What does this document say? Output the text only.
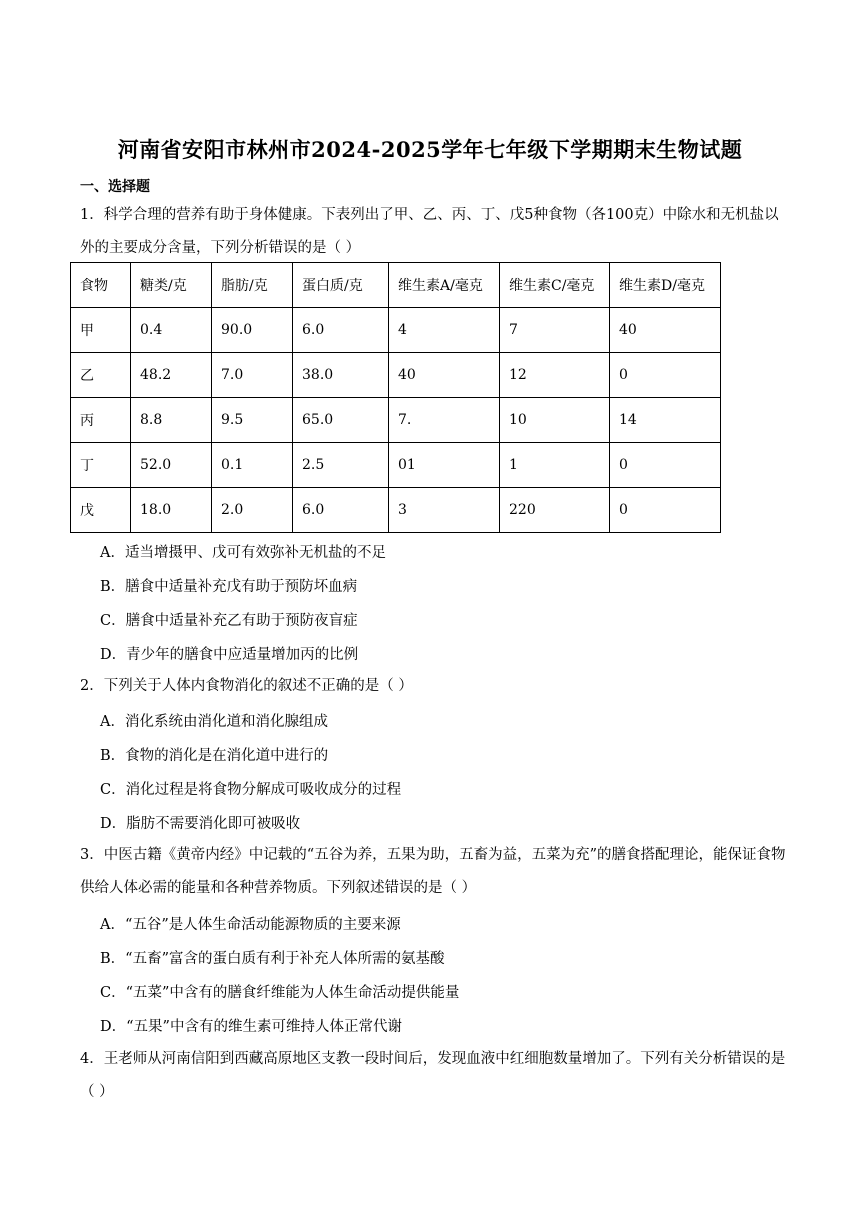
河南省安阳市林州市2024-2025学年七年级下学期期末生物试题
一、选择题
1．科学合理的营养有助于身体健康。下表列出了甲、乙、丙、丁、戊5种食物（各100克）中除水和无机盐以外的主要成分含量，下列分析错误的是（ ）
食物	糖类/克	脂肪/克	蛋白质/克	维生素A/毫克	维生素C/毫克	维生素D/毫克
甲	0.4	90.0	6.0	4	7	40
乙	48.2	7.0	38.0	40	12	0
丙	8.8	9.5	65.0	7.	10	14
丁	52.0	0.1	2.5	01	1	0
戊	18.0	2.0	6.0	3	220	0
A．适当增摄甲、戊可有效弥补无机盐的不足
B．膳食中适量补充戊有助于预防坏血病
C．膳食中适量补充乙有助于预防夜盲症
D．青少年的膳食中应适量增加丙的比例
2．下列关于人体内食物消化的叙述不正确的是（ ）
A．消化系统由消化道和消化腺组成
B．食物的消化是在消化道中进行的
C．消化过程是将食物分解成可吸收成分的过程
D．脂肪不需要消化即可被吸收
3．中医古籍《黄帝内经》中记载的“五谷为养，五果为助，五畜为益，五菜为充”的膳食搭配理论，能保证食物供给人体必需的能量和各种营养物质。下列叙述错误的是（ ）
A．“五谷”是人体生命活动能源物质的主要来源
B．“五畜”富含的蛋白质有利于补充人体所需的氨基酸
C．“五菜”中含有的膳食纤维能为人体生命活动提供能量
D．“五果”中含有的维生素可维持人体正常代谢
4．王老师从河南信阳到西藏高原地区支教一段时间后，发现血液中红细胞数量增加了。下列有关分析错误的是（ ）
